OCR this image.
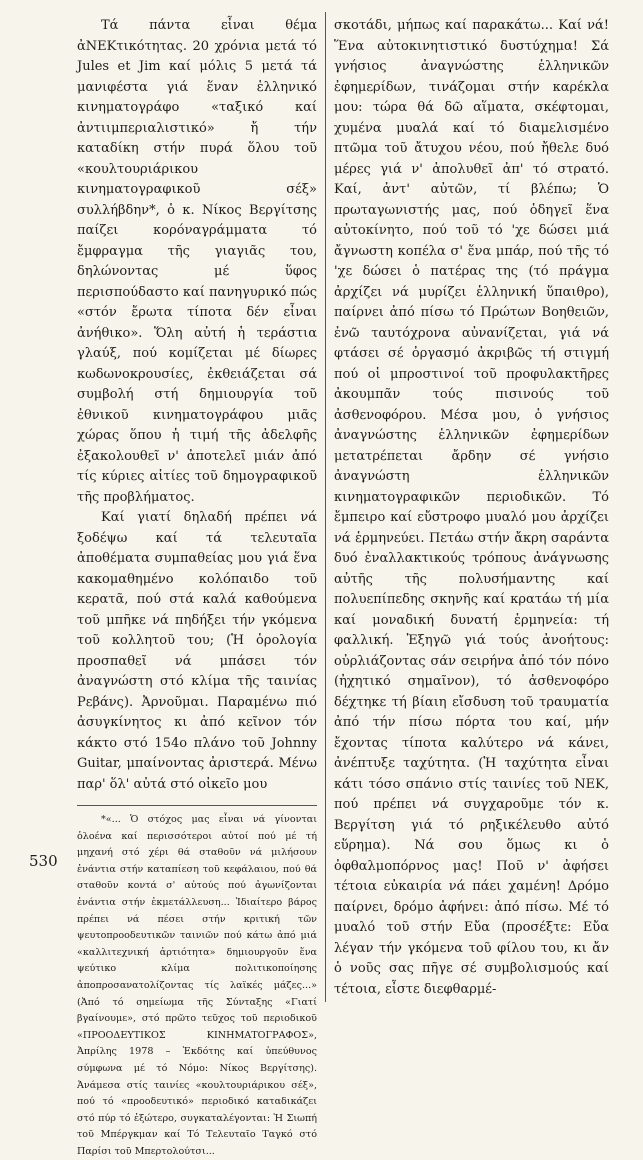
Τά πάντα εἶναι θέμα ἀΝΕΚτικότητας. 20 χρόνια μετά τό Jules et Jim καί μόλις 5 μετά τά μανιφέστα γιά ἕναν ἑλληνικό κινηματογράφο «ταξικό καί ἀντιιμπεριαλιστικό» ἤ τήν καταδίκη στήν πυρά ὅλου τοῦ «κουλτουριάρικου κινηματογραφικοῦ σέξ» συλλήβδην*, ὁ κ. Νίκος Βεργίτσης παίζει κορόναγράμματα τό ἔμφραγμα τῆς γιαγιᾶς του, δηλώνοντας μέ ὕφος περισπούδαστο καί πανηγυρικό πώς «στόν ἔρωτα τίποτα δέν εἶναι ἀνήθικο». Ὅλη αὐτή ἡ τεράστια γλαύξ, πού κομίζεται μέ δίωρες κωδωνοκρουσίες, ἐκθειάζεται σά συμβολή στή δημιουργία τοῦ ἐθνικοῦ κινηματογράφου μιᾶς χώρας ὅπου ἡ τιμή τῆς ἀδελφῆς ἐξακολουθεῖ ν' ἀποτελεῖ μιάν ἀπό τίς κύριες αἰτίες τοῦ δημογραφικοῦ τῆς προβλήματος.

Καί γιατί δηλαδή πρέπει νά ξοδέψω καί τά τελευταῖα ἀποθέματα συμπαθείας μου γιά ἕνα κακομαθημένο κολόπαιδο τοῦ κερατᾶ, πού στά καλά καθούμενα τοῦ μπῆκε νά πηδήξει τήν γκόμενα τοῦ κολλητοῦ του; (Ἡ ὁρολογία προσπαθεῖ νά μπάσει τόν ἀναγνώστη στό κλίμα τῆς ταινίας Ρεβάνς). Ἀρνοῦμαι. Παραμένω πιό ἀσυγκίνητος κι ἀπό κεῖνον τόν κάκτο στό 154ο πλάνο τοῦ Johnny Guitar, μπαίνοντας ἀριστερά. Μένω παρ' ὅλ' αὐτά στό οἰκεῖο μου

*«... Ὁ στόχος μας εἶναι νά γίνονται ὁλοένα καί περισσότεροι αὐτοί πού μέ τή μηχανή στό χέρι θά σταθοῦν νά μιλήσουν ἐνάντια στήν καταπίεση τοῦ κεφάλαιου, πού θά σταθοῦν κοντά σ' αὐτούς πού ἀγωνίζονται ἐνάντια στήν ἐκμετάλλευση... Ἰδιαίτερο βάρος πρέπει νά πέσει στήν κριτική τῶν ψευτοπροοδευτικῶν ταινιῶν πού κάτω ἀπό μιά «καλλιτεχνική ἀρτιότητα» δημιουργοῦν ἕνα ψεύτικο κλίμα πολιτικοποίησης ἀποπροσανατολίζοντας τίς λαϊκές μάζες...» (Ἀπό τό σημείωμα τῆς Σύνταξης «Γιατί βγαίνουμε», στό πρῶτο τεῦχος τοῦ περιοδικοῦ «ΠΡΟΟΔΕΥΤΙΚΟΣ ΚΙΝΗΜΑΤΟΓΡΑΦΟΣ», Ἀπρίλης 1978 – Ἐκδότης καί ὑπεύθυνος σύμφωνα μέ τό Νόμο: Νίκος Βεργίτσης). Ἀνάμεσα στίς ταινίες «κουλτουριάρικου σέξ», πού τό «προοδευτικό» περιοδικό καταδικάζει στό πύρ τό ἐξώτερο, συγκαταλέγονται: Ἡ Σιωπή τοῦ Μπέργκμαν καί Τό Τελευταῖο Ταγκό στό Παρίσι τοῦ Μπερτολούτσι...

σκοτάδι, μήπως καί παρακάτω... Καί νά! Ἕνα αὐτοκινητιστικό δυστύχημα! Σά γνήσιος ἀναγνώστης ἑλληνικῶν ἐφημερίδων, τινάζομαι στήν καρέκλα μου: τώρα θά δῶ αἵματα, σκέφτομαι, χυμένα μυαλά καί τό διαμελισμένο πτῶμα τοῦ ἄτυχου νέου, πού ἤθελε δυό μέρες γιά ν' ἀπολυθεῖ ἀπ' τό στρατό. Καί, ἀντ' αὐτῶν, τί βλέπω; Ὁ πρωταγωνιστής μας, πού ὁδηγεῖ ἕνα αὐτοκίνητο, πού τοῦ τό 'χε δώσει μιά ἄγνωστη κοπέλα σ' ἕνα μπάρ, πού τῆς τό 'χε δώσει ὁ πατέρας της (τό πράγμα ἀρχίζει νά μυρίζει ἑλληνική ὕπαιθρο), παίρνει ἀπό πίσω τό Πρώτων Βοηθειῶν, ἐνῶ ταυτόχρονα αὐνανίζεται, γιά νά φτάσει σέ ὀργασμό ἀκριβῶς τή στιγμή πού οἱ μπροστινοί τοῦ προφυλακτῆρες ἀκουμπᾶν τούς πισινούς τοῦ ἀσθενοφόρου. Μέσα μου, ὁ γνήσιος ἀναγνώστης ἑλληνικῶν ἐφημερίδων μετατρέπεται ἄρδην σέ γνήσιο ἀναγνώστη ἑλληνικῶν κινηματογραφικῶν περιοδικῶν. Τό ἔμπειρο καί εὔστροφο μυαλό μου ἀρχίζει νά ἑρμηνεύει. Πετάω στήν ἄκρη σαράντα δυό ἐναλλακτικούς τρόπους ἀνάγνωσης αὐτῆς τῆς πολυσήμαντης καί πολυεπίπεδης σκηνῆς καί κρατάω τή μία καί μοναδική δυνατή ἑρμηνεία: τή φαλλική. Ἐξηγῶ γιά τούς ἀνοήτους: οὐρλιάζοντας σάν σειρήνα ἀπό τόν πόνο (ἠχητικό σημαῖνον), τό ἀσθενοφόρο δέχτηκε τή βίαιη εἴσδυση τοῦ τραυματία ἀπό τήν πίσω πόρτα του καί, μήν ἔχοντας τίποτα καλύτερο νά κάνει, ἀνέπτυξε ταχύτητα. (Ἡ ταχύτητα εἶναι κάτι τόσο σπάνιο στίς ταινίες τοῦ ΝΕΚ, πού πρέπει νά συγχαροῦμε τόν κ. Βεργίτση γιά τό ρηξικέλευθο αὐτό εὕρημα). Νά σου ὅμως κι ὁ ὀφθαλμοπόρνος μας! Ποῦ ν' ἀφήσει τέτοια εὐκαιρία νά πάει χαμένη! Δρόμο παίρνει, δρόμο ἀφήνει: ἀπό πίσω. Μέ τό μυαλό τοῦ στήν Εὔα (προσέξτε: Εὔα λέγαν τήν γκόμενα τοῦ φίλου του, κι ἄν ὁ νοῦς σας πῆγε σέ συμβολισμούς καί τέτοια, εἶστε διεφθαρμέ-

530
